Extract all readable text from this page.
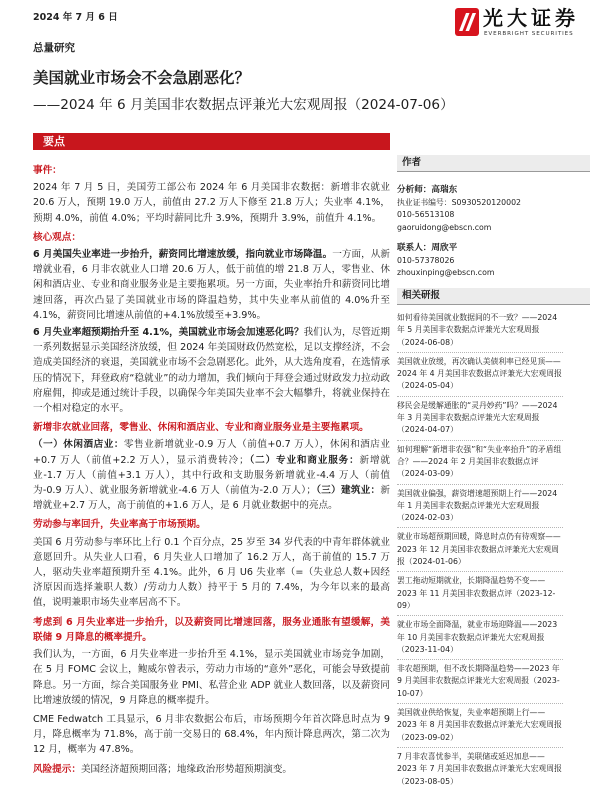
2024 年 7 月 6 日	光大证券
EVERBRIGHT SECURITIES
总量研究
美国就业市场会不会急剧恶化？
——2024 年 6 月美国非农数据点评兼光大宏观周报（2024-07-06）
要点
事件：

2024 年 7 月 5 日，美国劳工部公布 2024 年 6 月美国非农数据：新增非农就业 20.6 万人，预期 19.0 万人，前值由 27.2 万人下修至 21.8 万人；失业率 4.1%，预期 4.0%，前值 4.0%；平均时薪同比升 3.9%，预期升 3.9%，前值升 4.1%。

核心观点：

6 月美国失业率进一步抬升，薪资同比增速放缓，指向就业市场降温。一方面，从新增就业看，6 月非农就业人口增 20.6 万人，低于前值的增 21.8 万人，零售业、休闲和酒店业、专业和商业服务业是主要拖累项。另一方面，失业率抬升和薪资同比增速回落，再次凸显了美国就业市场的降温趋势，其中失业率从前值的 4.0%升至 4.1%，薪资同比增速从前值的+4.1%放缓至+3.9%。

6 月失业率超预期抬升至 4.1%，美国就业市场会加速恶化吗？我们认为，尽管近期一系列数据显示美国经济放缓，但 2024 年美国财政仍然宽松，足以支撑经济，不会造成美国经济的衰退，美国就业市场不会急剧恶化。此外，从大选角度看，在选情承压的情况下，拜登政府“稳就业”的动力增加，我们倾向于拜登会通过财政发力拉动政府雇佣，抑或是通过统计手段，以确保今年美国失业率不会大幅攀升，将就业保持在一个相对稳定的水平。

新增非农就业回落，零售业、休闲和酒店业、专业和商业服务业是主要拖累项。

（一）休闲酒店业：零售业新增就业-0.9 万人（前值+0.7 万人），休闲和酒店业+0.7 万人（前值+2.2 万人），显示消费转冷；（二）专业和商业服务：新增就业-1.7 万人（前值+3.1 万人），其中行政和支助服务新增就业-4.4 万人（前值为-0.9 万人）、就业服务新增就业-4.6 万人（前值为-2.0 万人）；（三）建筑业：新增就业+2.7 万人，高于前值的+1.6 万人，是 6 月就业数据中的亮点。

劳动参与率回升，失业率高于市场预期。

美国 6 月劳动参与率环比上行 0.1 个百分点，25 岁至 34 岁代表的中青年群体就业意愿回升。从失业人口看，6 月失业人口增加了 16.2 万人，高于前值的 15.7 万人，驱动失业率超预期升至 4.1%。此外，6 月 U6 失业率（=（失业总人数+因经济原因而选择兼职人数）/劳动力人数）持平于 5 月的 7.4%，为今年以来的最高值，说明兼职市场失业率居高不下。

考虑到 6 月失业率进一步抬升，以及薪资同比增速回落，服务业通胀有望缓解，美联储 9 月降息的概率提升。

我们认为，一方面，6 月失业率进一步抬升至 4.1%，显示美国就业市场竞争加剧，在 5 月 FOMC 会议上，鲍威尔曾表示，劳动力市场的“意外”恶化，可能会导致提前降息。另一方面，综合美国服务业 PMI、私营企业 ADP 就业人数回落，以及薪资同比增速放缓的情况，9 月降息的概率提升。

CME Fedwatch 工具显示，6 月非农数据公布后，市场预期今年首次降息时点为 9 月，降息概率为 71.8%，高于前一交易日的 68.4%，年内预计降息两次，第二次为 12 月，概率为 47.8%。

风险提示：美国经济超预期回落；地缘政治形势超预期演变。

作者
分析师：高瑞东
执业证书编号：S0930520120002
010-56513108
gaoruidong@ebscn.com
联系人：周欣平
010-57378026
zhouxinping@ebscn.com
相关研报
如何看待美国就业数据间的不一致？——2024 年 5 月美国非农数据点评兼光大宏观周报（2024-06-08）
美国就业放缓，再次确认美债利率已经见顶——2024 年 4 月美国非农数据点评兼光大宏观周报（2024-05-04）
移民会是缓解通胀的“灵丹妙药”吗？——2024 年 3 月美国非农数据点评兼光大宏观周报（2024-04-07）
如何理解“新增非农强”和“失业率抬升”的矛盾组合？——2024 年 2 月美国非农数据点评（2024-03-09）
美国就业偏强，薪资增速超预期上行——2024 年 1 月美国非农数据点评兼光大宏观周报（2024-02-03）
就业市场超预期回暖，降息时点仍有待观察——2023 年 12 月美国非农数据点评兼光大宏观周报（2024-01-06）
罢工拖动短期就业，长期降温趋势不变——2023 年 11 月美国非农数据点评（2023-12-09）
就业市场全面降温，就业市场迎降温——2023 年 10 月美国非农数据点评兼光大宏观周报（2023-11-04）
非农超预期，但不改长期降温趋势——2023 年 9 月美国非农数据点评兼光大宏观周报（2023-10-07）
美国就业供给恢复，失业率超预期上行——2023 年 8 月美国非农数据点评兼光大宏观周报（2023-09-02）
7 月非农喜忧参半，美联储或延迟加息——2023 年 7 月美国非农数据点评兼光大宏观周报（2023-08-05）
